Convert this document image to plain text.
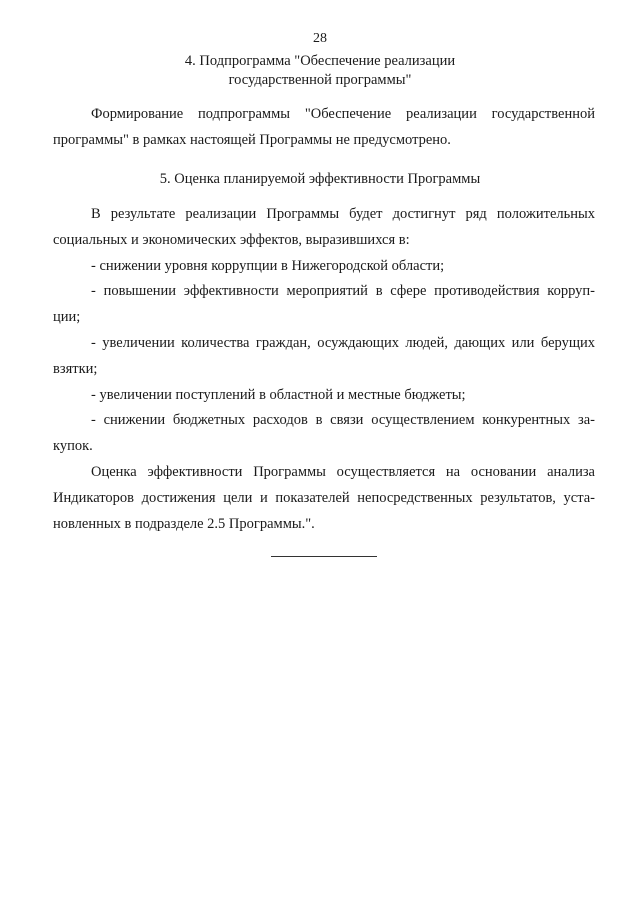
28
4. Подпрограмма "Обеспечение реализации
государственной программы"
Формирование подпрограммы "Обеспечение реализации государственной
программы" в рамках настоящей Программы не предусмотрено.
5. Оценка планируемой эффективности Программы
В результате реализации Программы будет достигнут ряд положительных
социальных и экономических эффектов, выразившихся в:
- снижении уровня коррупции в Нижегородской области;
- повышении эффективности мероприятий в сфере противодействия корруп-
ции;
- увеличении количества граждан, осуждающих людей, дающих или берущих
взятки;
- увеличении поступлений в областной и местные бюджеты;
- снижении бюджетных расходов в связи осуществлением конкурентных за-
купок.
Оценка эффективности Программы осуществляется на основании анализа
Индикаторов достижения цели и показателей непосредственных результатов, уста-
новленных в подразделе 2.5 Программы.".
